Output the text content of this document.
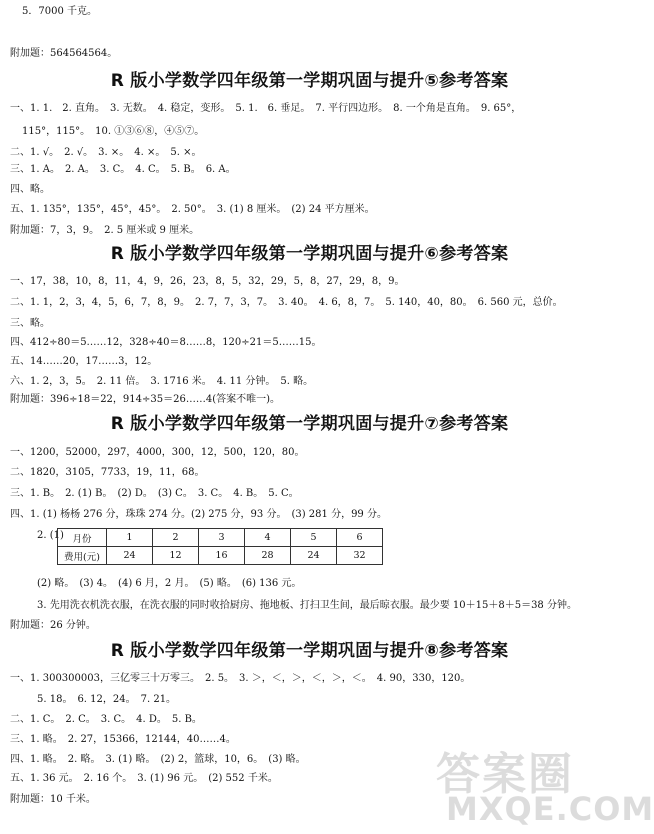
5．7000 千克。
附加题：564564564。
R 版小学数学四年级第一学期巩固与提升⑤参考答案
一、1. 1.　2. 直角。　3. 无数。　4. 稳定，变形。　5. 1.　6. 垂足。　7. 平行四边形。　8. 一个角是直角。　9. 65°，
115°，115°。　10. ①③⑥⑧，④⑤⑦。
二、1. √。　2. √。　3. ×。　4. ×。　5. ×。
三、1. A。　2. A。　3. C。　4. C。　5. B。　6. A。
四、略。
五、1. 135°，135°，45°，45°。　2. 50°。　3. (1) 8 厘米。　(2) 24 平方厘米。
附加题：7，3，9。　2. 5 厘米或 9 厘米。
R 版小学数学四年级第一学期巩固与提升⑥参考答案
一、17，38，10，8，11，4，9，26，23，8，5，32，29，5，8，27，29，8，9。
二、1. 1，2，3，4，5，6，7，8，9。　2. 7，7，3，7。　3. 40。　4. 6，8，7。　5. 140，40，80。　6. 560 元，总价。
三、略。
四、412÷80＝5……12，328÷40＝8……8，120÷21＝5……15。
五、14……20，17……3，12。
六、1. 2，3，5。　2. 11 倍。　3. 1716 米。　4. 11 分钟。　5. 略。
附加题：396÷18＝22，914÷35＝26……4(答案不唯一)。
R 版小学数学四年级第一学期巩固与提升⑦参考答案
一、1200，52000，297，4000，300，12，500，120，80。
二、1820，3105，7733，19，11，68。
三、1. B。　2. (1) B。　(2) D。　(3) C。　3. C。　4. B。　5. C。
四、1. (1) 杨杨 276 分，珠珠 274 分。(2) 275 分，93 分。　(3) 281 分，99 分。
2. (1) 月份	1	2	3	4	5	6
费用(元)	24	12	16	28	24	32
(2) 略。　(3) 4。　(4) 6 月，2 月。　(5) 略。　(6) 136 元。
3. 先用洗衣机洗衣服，在洗衣服的同时收拾厨房、拖地板、打扫卫生间，最后晾衣服。最少要 10＋15＋8＋5＝38 分钟。
附加题：26 分钟。
R 版小学数学四年级第一学期巩固与提升⑧参考答案
一、1. 300300003，三亿零三十万零三。　2. 5。　3. ＞，＜，＞，＜，＞，＜。　4. 90，330，120。
5. 18。　6. 12，24。　7. 21。
二、1. C。　2. C。　3. C。　4. D。　5. B。
三、1. 略。　2. 27，15366，12144，40……4。
四、1. 略。　2. 略。　3. (1) 略。　(2) 2，篮球，10，6。　(3) 略。
五、1. 36 元。　2. 16 个。　3. (1) 96 元。　(2) 552 千米。
附加题：10 千米。	答案圈
MXQE.COM
